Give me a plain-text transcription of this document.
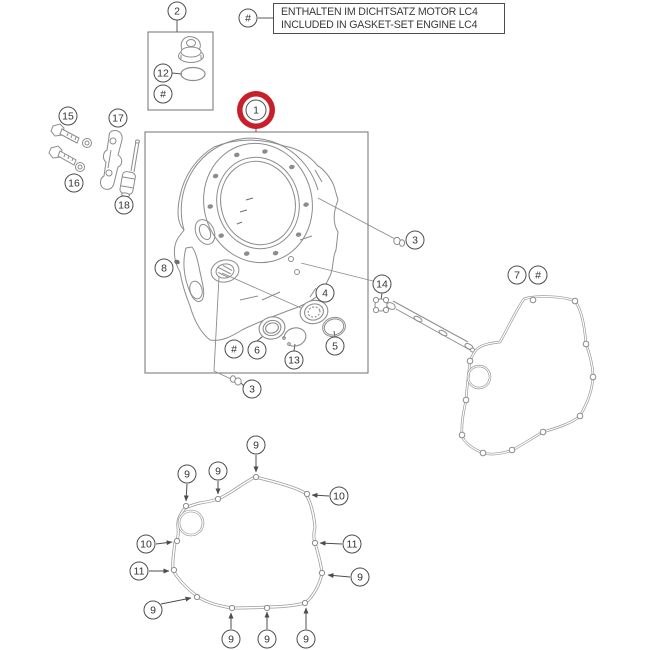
ENTHALTEN IM DICHTSATZ MOTOR LC4
INCLUDED IN GASKET-SET ENGINE LC4
2
12
#
#
15	17
16
18
1
8
3
14
4
# 6
13
5
3
7 #
9
9 9
10
11
9
10
11
9
9	9	9
